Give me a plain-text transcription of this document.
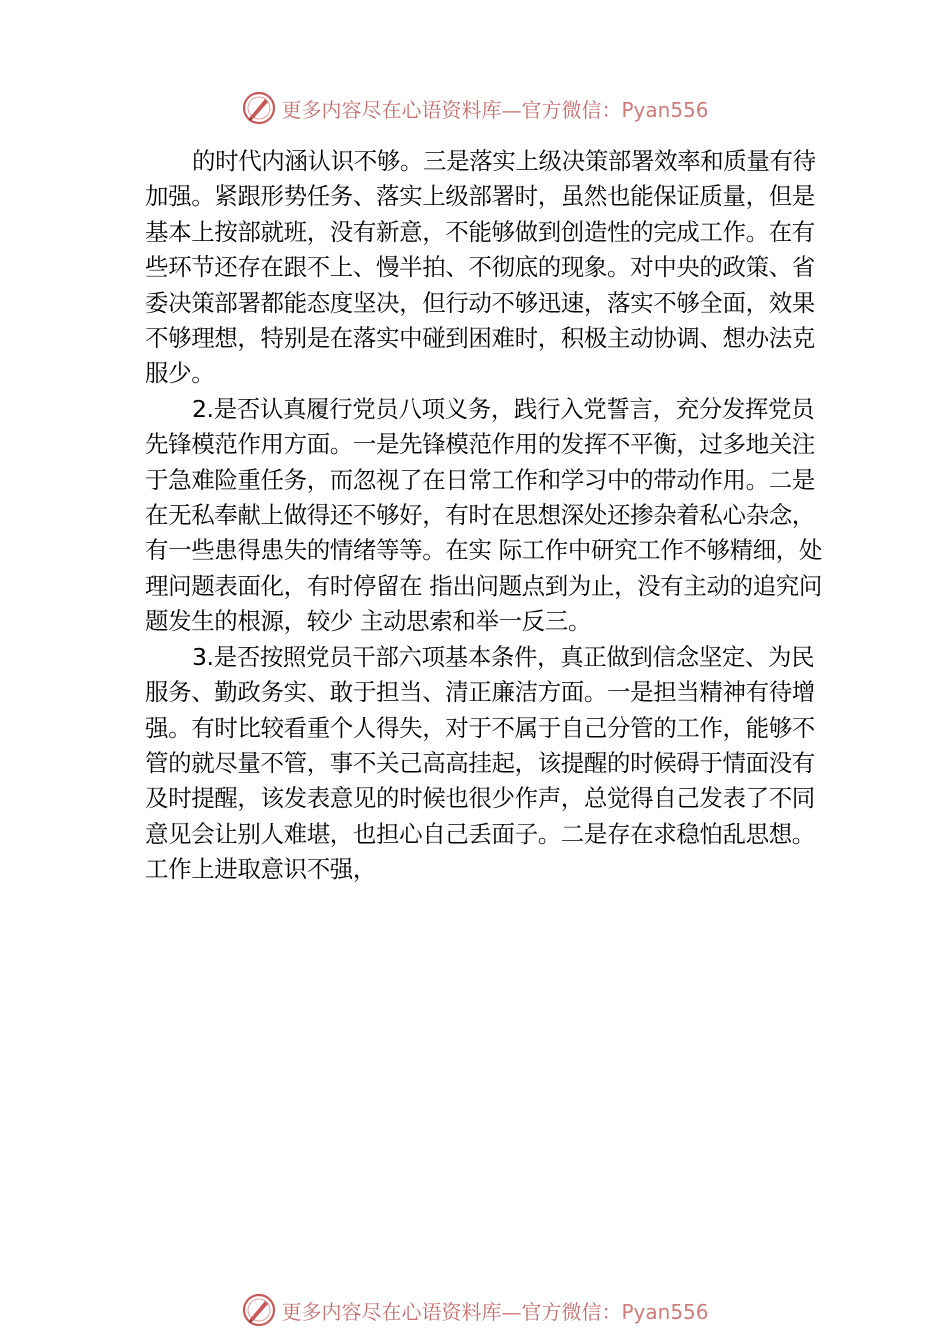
更多内容尽在心语资料库—官方微信：Pyan556

的时代内涵认识不够。三是落实上级决策部署效率和质量有待加强。紧跟形势任务、落实上级部署时，虽然也能保证质量，但是基本上按部就班，没有新意，不能够做到创造性的完成工作。在有些环节还存在跟不上、慢半拍、不彻底的现象。对中央的政策、省委决策部署都能态度坚决，但行动不够迅速，落实不够全面，效果不够理想，特别是在落实中碰到困难时，积极主动协调、想办法克服少。

2.是否认真履行党员八项义务，践行入党誓言，充分发挥党员先锋模范作用方面。一是先锋模范作用的发挥不平衡，过多地关注于急难险重任务，而忽视了在日常工作和学习中的带动作用。二是在无私奉献上做得还不够好，有时在思想深处还掺杂着私心杂念，有一些患得患失的情绪等等。在实 际工作中研究工作不够精细，处理问题表面化，有时停留在 指出问题点到为止，没有主动的追究问题发生的根源，较少 主动思索和举一反三。

3.是否按照党员干部六项基本条件，真正做到信念坚定、为民服务、勤政务实、敢于担当、清正廉洁方面。一是担当精神有待增强。有时比较看重个人得失，对于不属于自己分管的工作，能够不管的就尽量不管，事不关己高高挂起，该提醒的时候碍于情面没有及时提醒，该发表意见的时候也很少作声，总觉得自己发表了不同意见会让别人难堪，也担心自己丢面子。二是存在求稳怕乱思想。工作上进取意识不强，

更多内容尽在心语资料库—官方微信：Pyan556
